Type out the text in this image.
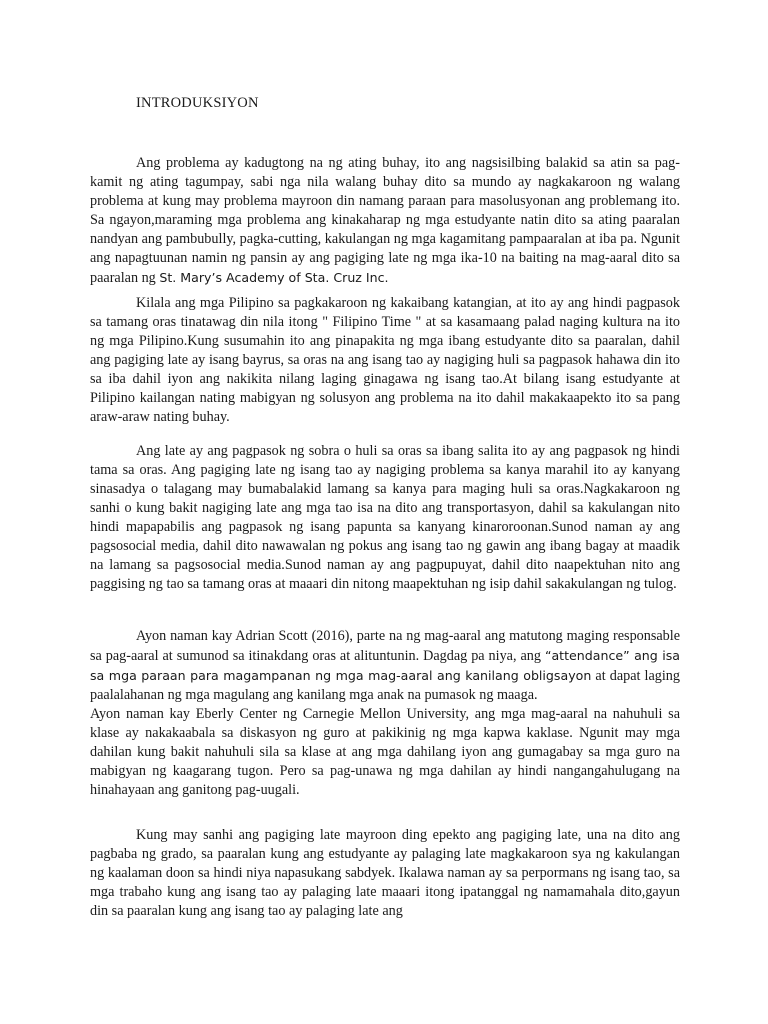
INTRODUKSIYON

Ang problema ay kadugtong na ng ating buhay, ito ang nagsisilbing balakid sa atin sa pag-kamit ng ating tagumpay, sabi nga nila walang buhay dito sa mundo ay nagkakaroon ng walang problema at kung may problema mayroon din namang paraan para masolusyonan ang problemang ito. Sa ngayon,maraming mga problema ang kinakaharap ng mga estudyante natin dito sa ating paaralan nandyan ang pambubully, pagka-cutting, kakulangan ng mga kagamitang pampaaralan at iba pa. Ngunit ang napagtuunan namin ng pansin ay ang pagiging late ng mga ika-10 na baiting na mag-aaral dito sa paaralan ng St. Mary’s Academy of Sta. Cruz Inc.

Kilala ang mga Pilipino sa pagkakaroon ng kakaibang katangian, at ito ay ang hindi pagpasok sa tamang oras tinatawag din nila itong " Filipino Time " at sa kasamaang palad naging kultura na ito ng mga Pilipino.Kung susumahin ito ang pinapakita ng mga ibang estudyante dito sa paaralan, dahil ang pagiging late ay isang bayrus, sa oras na ang isang tao ay nagiging huli sa pagpasok hahawa din ito sa iba dahil iyon ang nakikita nilang laging ginagawa ng isang tao.At bilang isang estudyante at Pilipino kailangan nating mabigyan ng solusyon ang problema na ito dahil makakaapekto ito sa pang araw-araw nating buhay.

Ang late ay ang pagpasok ng sobra o huli sa oras sa ibang salita ito ay ang pagpasok ng hindi tama sa oras. Ang pagiging late ng isang tao ay nagiging problema sa kanya marahil ito ay kanyang sinasadya o talagang may bumabalakid lamang sa kanya para maging huli sa oras.Nagkakaroon ng sanhi o kung bakit nagiging late ang mga tao isa na dito ang transportasyon, dahil sa kakulangan nito hindi mapapabilis ang pagpasok ng isang papunta sa kanyang kinaroroonan.Sunod naman ay ang pagsosocial media, dahil dito nawawalan ng pokus ang isang tao ng gawin ang ibang bagay at maadik na lamang sa pagsosocial media.Sunod naman ay ang pagpupuyat, dahil dito naapektuhan nito ang paggising ng tao sa tamang oras at maaari din nitong maapektuhan ng isip dahil sakakulangan ng tulog.

Ayon naman kay Adrian Scott (2016), parte na ng mag-aaral ang matutong maging responsable sa pag-aaral at sumunod sa itinakdang oras at alituntunin. Dagdag pa niya, ang “attendance” ang isa sa mga paraan para magampanan ng mga mag-aaral ang kanilang obligsayon at dapat laging paalalahanan ng mga magulang ang kanilang mga anak na pumasok ng maaga.

Ayon naman kay Eberly Center ng Carnegie Mellon University, ang mga mag-aaral na nahuhuli sa klase ay nakakaabala sa diskasyon ng guro at pakikinig ng mga kapwa kaklase. Ngunit may mga dahilan kung bakit nahuhuli sila sa klase at ang mga dahilang iyon ang gumagabay sa mga guro na mabigyan ng kaagarang tugon. Pero sa pag-unawa ng mga dahilan ay hindi nangangahulugang na hinahayaan ang ganitong pag-uugali.

Kung may sanhi ang pagiging late mayroon ding epekto ang pagiging late, una na dito ang pagbaba ng grado, sa paaralan kung ang estudyante ay palaging late magkakaroon sya ng kakulangan ng kaalaman doon sa hindi niya napasukang sabdyek. Ikalawa naman ay sa perpormans ng isang tao, sa mga trabaho kung ang isang tao ay palaging late maaari itong ipatanggal ng namamahala dito,gayun din sa paaralan kung ang isang tao ay palaging late ang
